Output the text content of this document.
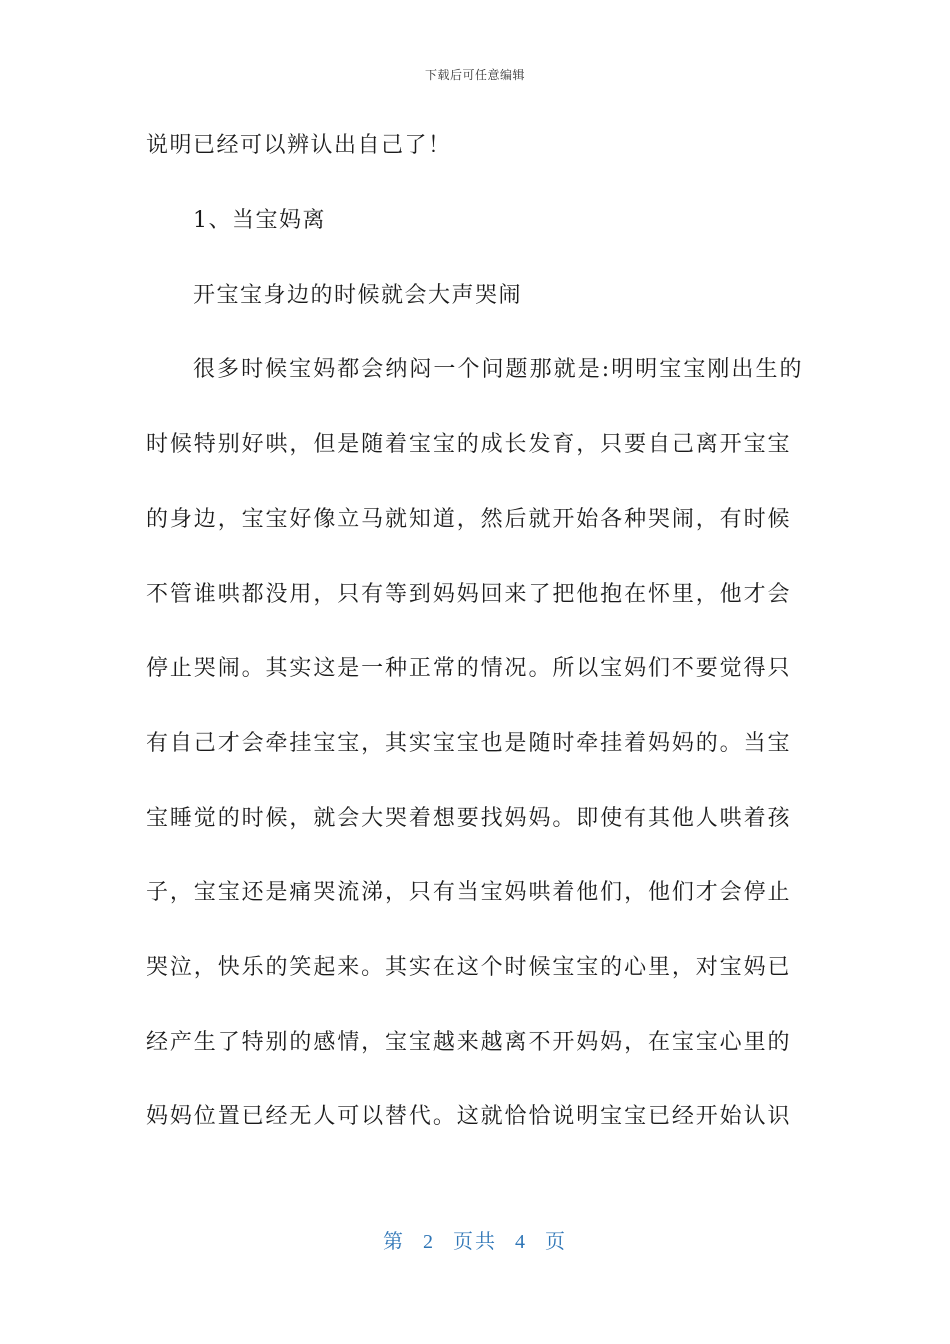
下载后可任意编辑
说明已经可以辨认出自己了！
1、当宝妈离
开宝宝身边的时候就会大声哭闹
很多时候宝妈都会纳闷一个问题那就是:明明宝宝刚出生的
时候特别好哄，但是随着宝宝的成长发育，只要自己离开宝宝
的身边，宝宝好像立马就知道，然后就开始各种哭闹，有时候
不管谁哄都没用，只有等到妈妈回来了把他抱在怀里，他才会
停止哭闹。其实这是一种正常的情况。所以宝妈们不要觉得只
有自己才会牵挂宝宝，其实宝宝也是随时牵挂着妈妈的。当宝
宝睡觉的时候，就会大哭着想要找妈妈。即使有其他人哄着孩
子，宝宝还是痛哭流涕，只有当宝妈哄着他们，他们才会停止
哭泣，快乐的笑起来。其实在这个时候宝宝的心里，对宝妈已
经产生了特别的感情，宝宝越来越离不开妈妈，在宝宝心里的
妈妈位置已经无人可以替代。这就恰恰说明宝宝已经开始认识
第 2 页共 4 页
